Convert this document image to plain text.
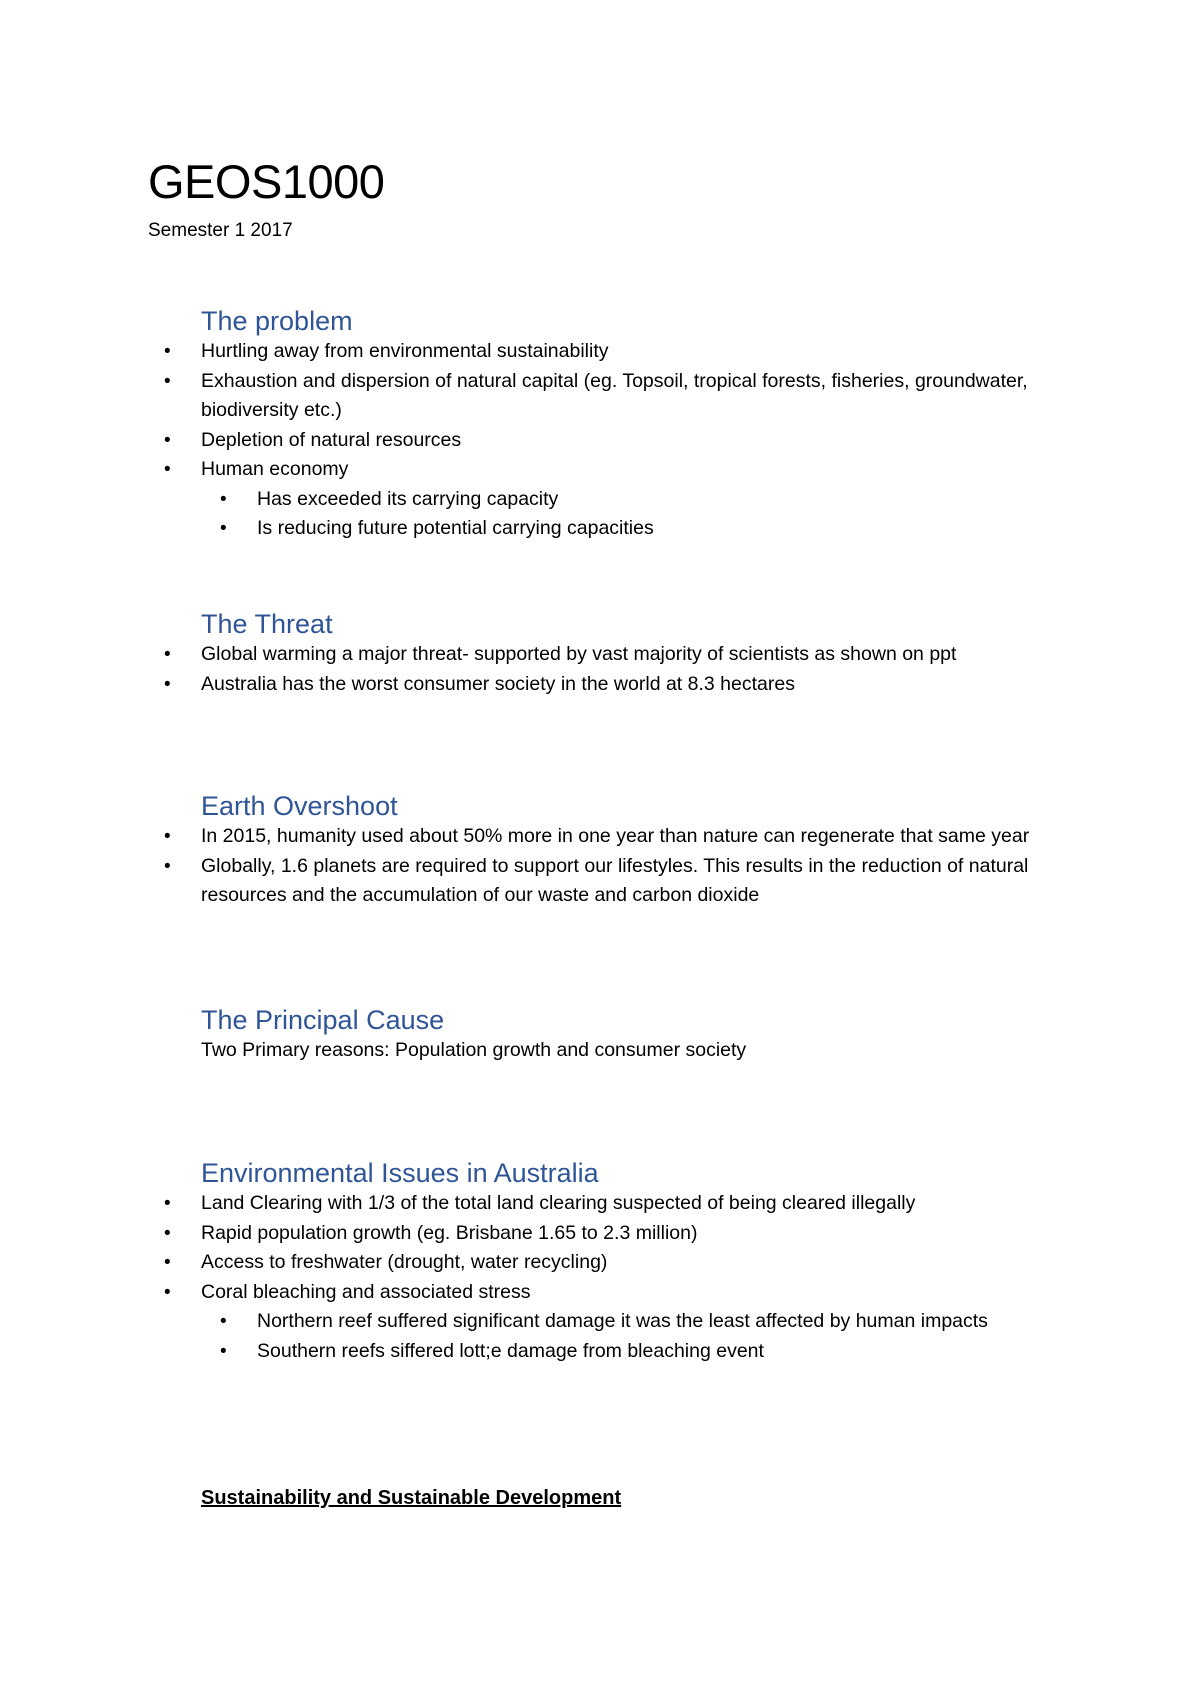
GEOS1000
Semester 1 2017
The problem
• Hurtling away from environmental sustainability
• Exhaustion and dispersion of natural capital (eg. Topsoil, tropical forests, fisheries, groundwater, biodiversity etc.)
• Depletion of natural resources
• Human economy
• Has exceeded its carrying capacity
• Is reducing future potential carrying capacities
The Threat
• Global warming a major threat- supported by vast majority of scientists as shown on ppt
• Australia has the worst consumer society in the world at 8.3 hectares
Earth Overshoot
• In 2015, humanity used about 50% more in one year than nature can regenerate that same year
• Globally, 1.6 planets are required to support our lifestyles. This results in the reduction of natural resources and the accumulation of our waste and carbon dioxide
The Principal Cause

Two Primary reasons: Population growth and consumer society

Environmental Issues in Australia
• Land Clearing with 1/3 of the total land clearing suspected of being cleared illegally
• Rapid population growth (eg. Brisbane 1.65 to 2.3 million)
• Access to freshwater (drought, water recycling)
• Coral bleaching and associated stress
• Northern reef suffered significant damage it was the least affected by human impacts
• Southern reefs siffered lott;e damage from bleaching event
Sustainability and Sustainable Development
